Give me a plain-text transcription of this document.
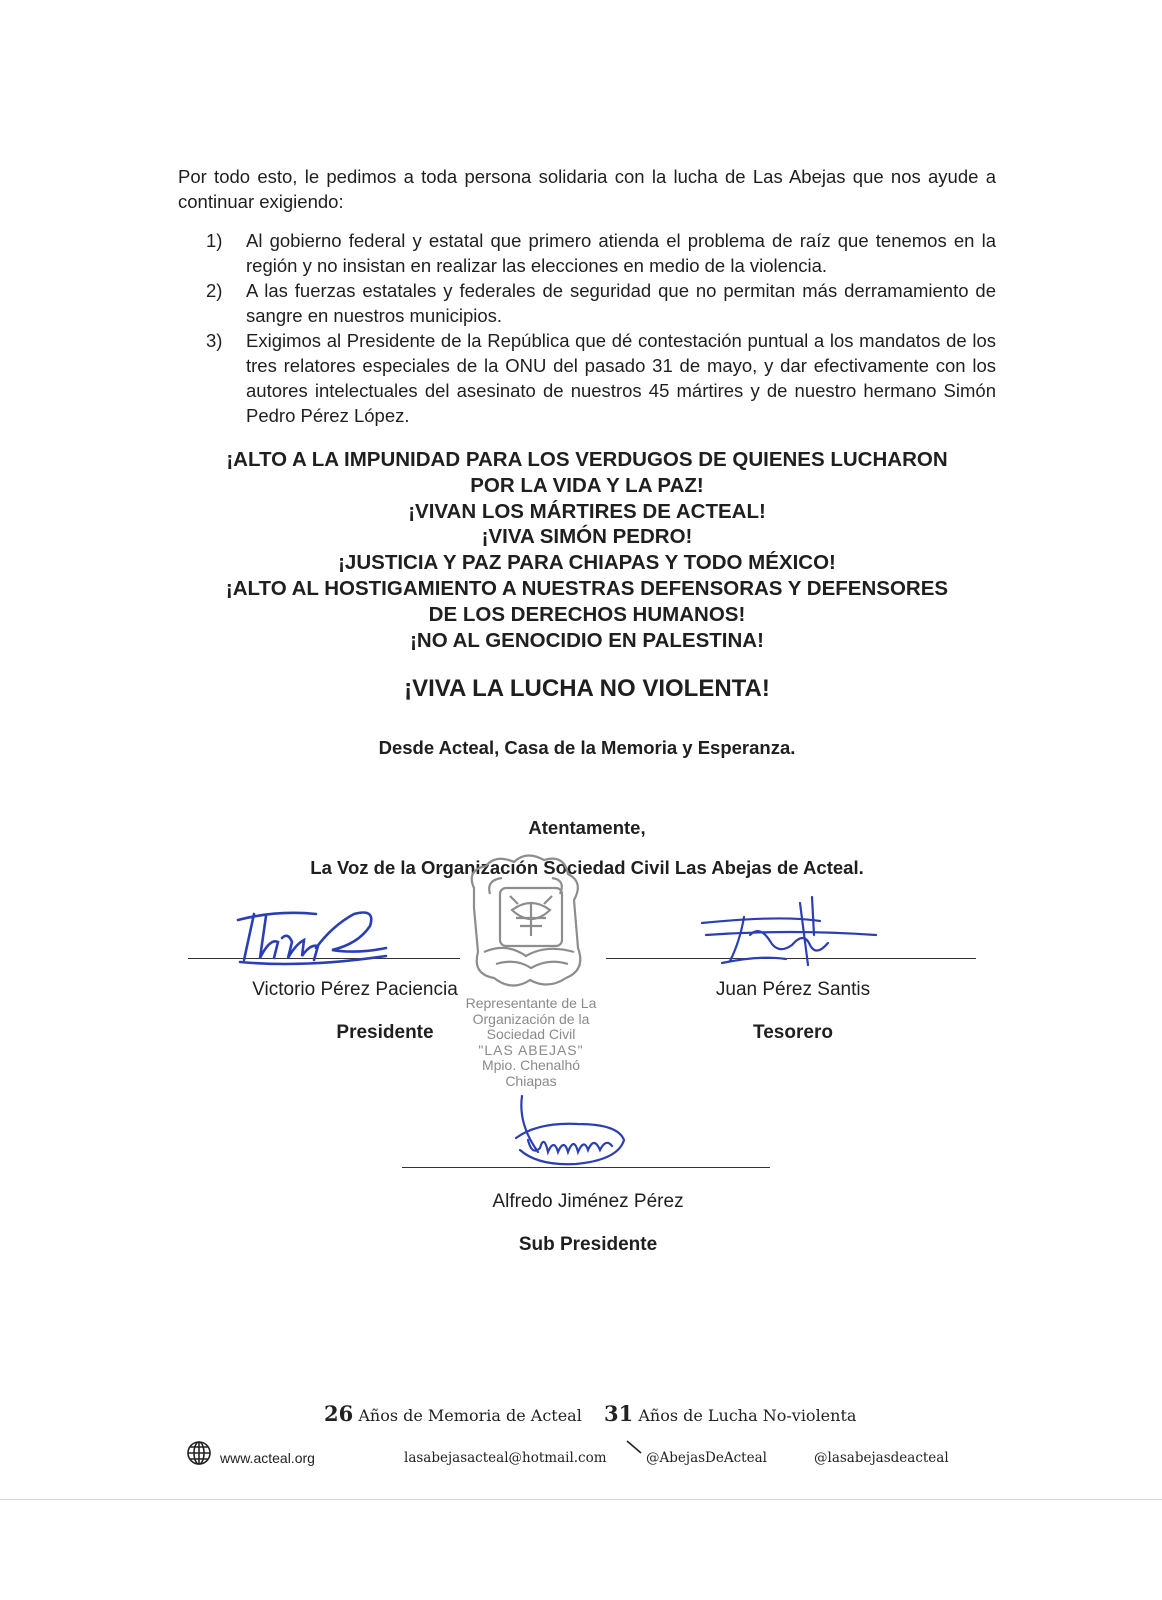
Por todo esto, le pedimos a toda persona solidaria con la lucha de Las Abejas que nos ayude a continuar exigiendo:
1) Al gobierno federal y estatal que primero atienda el problema de raíz que tenemos en la región y no insistan en realizar las elecciones en medio de la violencia.
2) A las fuerzas estatales y federales de seguridad que no permitan más derramamiento de sangre en nuestros municipios.
3) Exigimos al Presidente de la República que dé contestación puntual a los mandatos de los tres relatores especiales de la ONU del pasado 31 de mayo, y dar efectivamente con los autores intelectuales del asesinato de nuestros 45 mártires y de nuestro hermano Simón Pedro Pérez López.
¡ALTO A LA IMPUNIDAD PARA LOS VERDUGOS DE QUIENES LUCHARON
POR LA VIDA Y LA PAZ!
¡VIVAN LOS MÁRTIRES DE ACTEAL!
¡VIVA SIMÓN PEDRO!
¡JUSTICIA Y PAZ PARA CHIAPAS Y TODO MÉXICO!
¡ALTO AL HOSTIGAMIENTO A NUESTRAS DEFENSORAS Y DEFENSORES
DE LOS DERECHOS HUMANOS!
¡NO AL GENOCIDIO EN PALESTINA!
¡VIVA LA LUCHA NO VIOLENTA!
Desde Acteal, Casa de la Memoria y Esperanza.
Atentamente,
La Voz de la Organización Sociedad Civil Las Abejas de Acteal.
Representante de La
Organización de la
Sociedad Civil
"LAS ABEJAS"
Mpio. Chenalhó
Chiapas
Victorio Pérez Paciencia
Presidente
Juan Pérez Santis
Tesorero
Alfredo Jiménez Pérez
Sub Presidente
26 Años de Memoria de Acteal 31 Años de Lucha No-violenta
www.acteal.org	lasabejasacteal@hotmail.com	@AbejasDeActeal	@lasabejasdeacteal
